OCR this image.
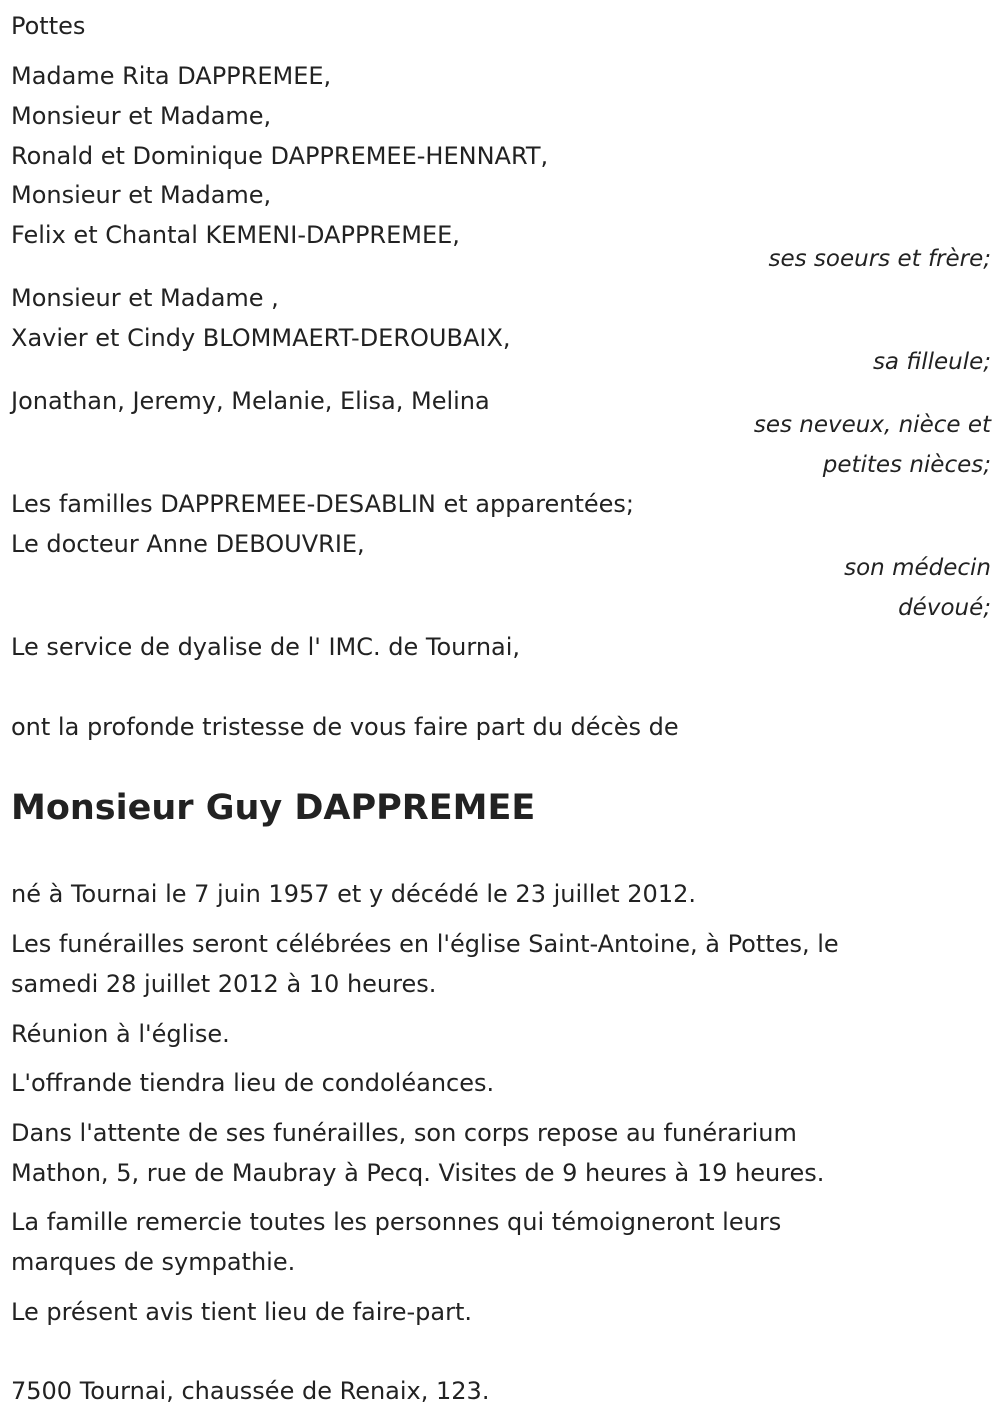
Pottes
Madame Rita DAPPREMEE,
Monsieur et Madame,
Ronald et Dominique DAPPREMEE-HENNART,
Monsieur et Madame,
Felix et Chantal KEMENI-DAPPREMEE,
ses soeurs et frère;
Monsieur et Madame ,
Xavier et Cindy BLOMMAERT-DEROUBAIX,
sa filleule;
Jonathan, Jeremy, Melanie, Elisa, Melina
ses neveux, nièce et
petites nièces;
Les familles DAPPREMEE-DESABLIN et apparentées;
Le docteur Anne DEBOUVRIE,
son médecin
dévoué;
Le service de dyalise de l' IMC. de Tournai,
ont la profonde tristesse de vous faire part du décès de
Monsieur Guy DAPPREMEE
né à Tournai le 7 juin 1957 et y décédé le 23 juillet 2012.
Les funérailles seront célébrées en l'église Saint-Antoine, à Pottes, le
samedi 28 juillet 2012 à 10 heures.
Réunion à l'église.
L'offrande tiendra lieu de condoléances.
Dans l'attente de ses funérailles, son corps repose au funérarium
Mathon, 5, rue de Maubray à Pecq. Visites de 9 heures à 19 heures.
La famille remercie toutes les personnes qui témoigneront leurs
marques de sympathie.
Le présent avis tient lieu de faire-part.
7500 Tournai, chaussée de Renaix, 123.
